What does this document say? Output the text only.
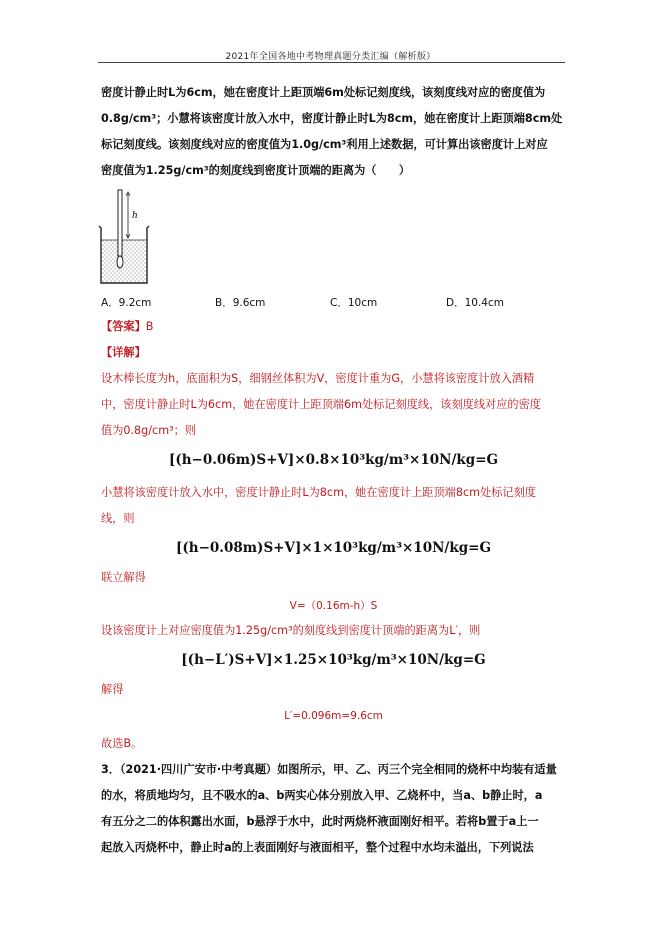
2021年全国各地中考物理真题分类汇编（解析版）

密度计静止时L为6cm，她在密度计上距顶端6m处标记刻度线，该刻度线对应的密度值为

0.8g/cm³；小慧将该密度计放入水中，密度计静止时L为8cm，她在密度计上距顶端8cm处

标记刻度线。该刻度线对应的密度值为1.0g/cm³利用上述数据，可计算出该密度计上对应

密度值为1.25g/cm³的刻度线到密度计顶端的距离为（　　）

h
A．9.2cm	B．9.6cm	C．10cm	D．10.4cm

【答案】B

【详解】

设木棒长度为h，底面积为S，细钢丝体积为V，密度计重为G，小慧将该密度计放入酒精

中，密度计静止时L为6cm，她在密度计上距顶端6m处标记刻度线，该刻度线对应的密度

值为0.8g/cm³；则

[(h−0.06m)S+V]×0.8×10³kg/m³×10N/kg=G

小慧将该密度计放入水中，密度计静止时L为8cm，她在密度计上距顶端8cm处标记刻度

线，则

[(h−0.08m)S+V]×1×10³kg/m³×10N/kg=G

联立解得

V=（0.16m-h）S

设该密度计上对应密度值为1.25g/cm³的刻度线到密度计顶端的距离为L′，则

[(h−L′)S+V]×1.25×10³kg/m³×10N/kg=G

解得

L′=0.096m=9.6cm

故选B。

3．（2021·四川广安市·中考真题）如图所示，甲、乙、丙三个完全相同的烧杯中均装有适量

的水，将质地均匀，且不吸水的a、b两实心体分别放入甲、乙烧杯中，当a、b静止时，a

有五分之二的体积露出水面，b悬浮于水中，此时两烧杯液面刚好相平。若将b置于a上一

起放入丙烧杯中，静止时a的上表面刚好与液面相平，整个过程中水均未溢出，下列说法
